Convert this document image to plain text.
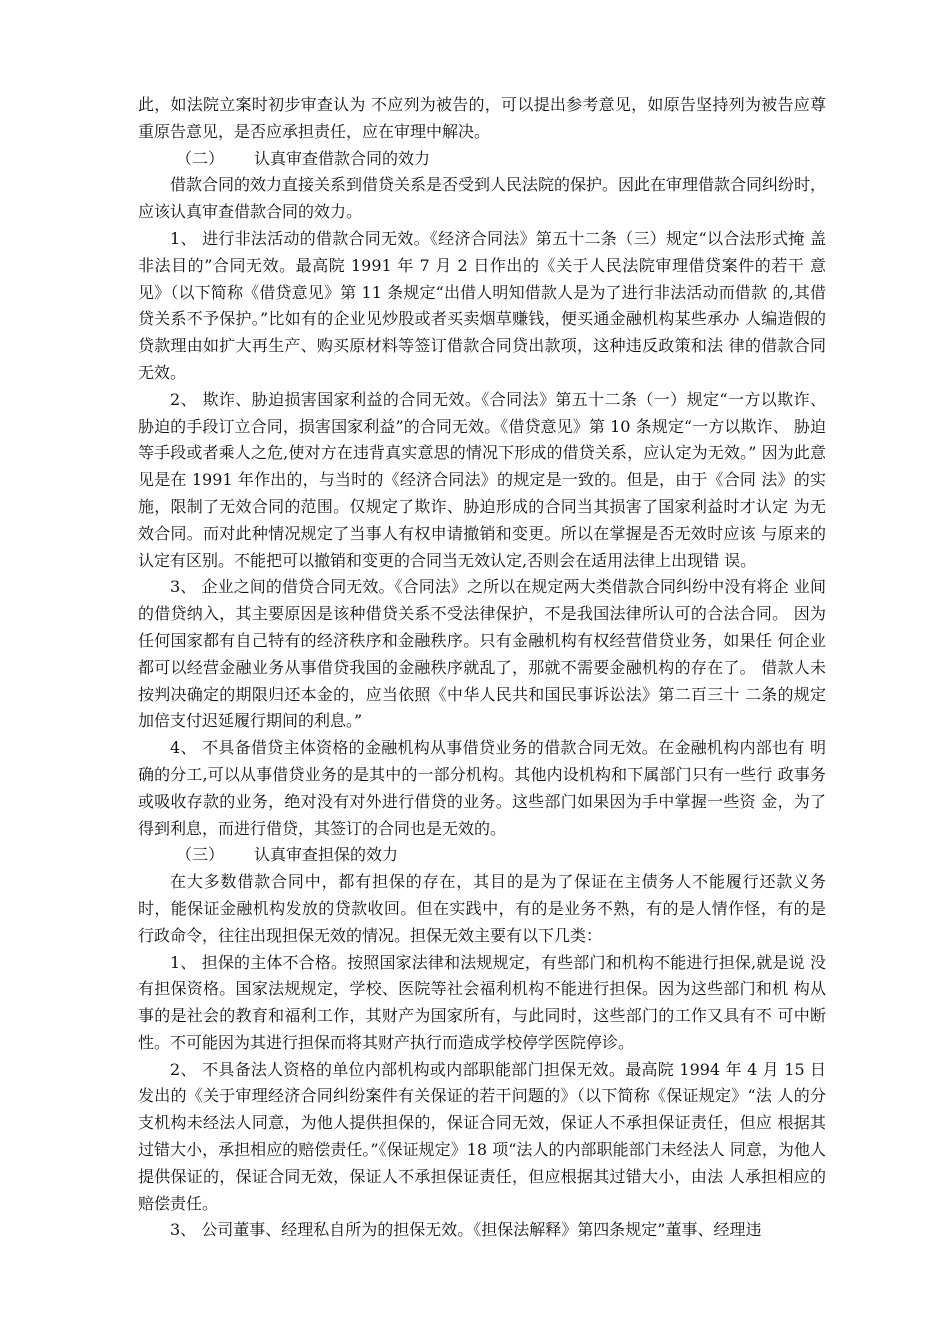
此，如法院立案时初步审查认为 不应列为被告的，可以提出参考意见，如原告坚持列为被告应尊重原告意见，是否应承担责任，应在审理中解决。

（二） 认真审查借款合同的效力

借款合同的效力直接关系到借贷关系是否受到人民法院的保护。因此在审理借款合同纠纷时，应该认真审查借款合同的效力。

1、 进行非法活动的借款合同无效。《经济合同法》第五十二条（三）规定“以合法形式掩 盖非法目的”合同无效。最高院 1991 年 7 月 2 日作出的《关于人民法院审理借贷案件的若干 意见》（以下简称《借贷意见》第 11 条规定“出借人明知借款人是为了进行非法活动而借款 的,其借贷关系不予保护。”比如有的企业见炒股或者买卖烟草赚钱，便买通金融机构某些承办 人编造假的贷款理由如扩大再生产、购买原材料等签订借款合同贷出款项，这种违反政策和法 律的借款合同无效。

2、 欺诈、胁迫损害国家利益的合同无效。《合同法》第五十二条（一）规定“一方以欺诈、 胁迫的手段订立合同，损害国家利益”的合同无效。《借贷意见》第 10 条规定“一方以欺诈、 胁迫等手段或者乘人之危,使对方在违背真实意思的情况下形成的借贷关系，应认定为无效。” 因为此意见是在 1991 年作出的，与当时的《经济合同法》的规定是一致的。但是，由于《合同 法》的实施，限制了无效合同的范围。仅规定了欺诈、胁迫形成的合同当其损害了国家利益时才认定 为无效合同。而对此种情况规定了当事人有权申请撤销和变更。所以在掌握是否无效时应该 与原来的认定有区别。不能把可以撤销和变更的合同当无效认定,否则会在适用法律上出现错 误。

3、 企业之间的借贷合同无效。《合同法》之所以在规定两大类借款合同纠纷中没有将企 业间的借贷纳入，其主要原因是该种借贷关系不受法律保护，不是我国法律所认可的合法合同。 因为任何国家都有自己特有的经济秩序和金融秩序。只有金融机构有权经营借贷业务，如果任 何企业都可以经营金融业务从事借贷我国的金融秩序就乱了，那就不需要金融机构的存在了。 借款人未按判决确定的期限归还本金的，应当依照《中华人民共和国民事诉讼法》第二百三十 二条的规定加倍支付迟延履行期间的利息。”

4、 不具备借贷主体资格的金融机构从事借贷业务的借款合同无效。在金融机构内部也有 明确的分工,可以从事借贷业务的是其中的一部分机构。其他内设机构和下属部门只有一些行 政事务或吸收存款的业务，绝对没有对外进行借贷的业务。这些部门如果因为手中掌握一些资 金，为了得到利息，而进行借贷，其签订的合同也是无效的。

（三） 认真审查担保的效力

在大多数借款合同中，都有担保的存在，其目的是为了保证在主债务人不能履行还款义务 时，能保证金融机构发放的贷款收回。但在实践中，有的是业务不熟，有的是人情作怪，有的是 行政命令，往往出现担保无效的情况。担保无效主要有以下几类：

1、 担保的主体不合格。按照国家法律和法规规定，有些部门和机构不能进行担保,就是说 没有担保资格。国家法规规定，学校、医院等社会福利机构不能进行担保。因为这些部门和机 构从事的是社会的教育和福利工作，其财产为国家所有，与此同时，这些部门的工作又具有不 可中断性。不可能因为其进行担保而将其财产执行而造成学校停学医院停诊。

2、 不具备法人资格的单位内部机构或内部职能部门担保无效。最高院 1994 年 4 月 15 日发出的《关于审理经济合同纠纷案件有关保证的若干问题的》（以下简称《保证规定》“法 人的分支机构未经法人同意，为他人提供担保的，保证合同无效，保证人不承担保证责任，但应 根据其过错大小，承担相应的赔偿责任。”《保证规定》18 项“法人的内部职能部门未经法人 同意，为他人提供保证的，保证合同无效，保证人不承担保证责任，但应根据其过错大小，由法 人承担相应的赔偿责任。

3、 公司董事、经理私自所为的担保无效。《担保法解释》第四条规定”董事、经理违
